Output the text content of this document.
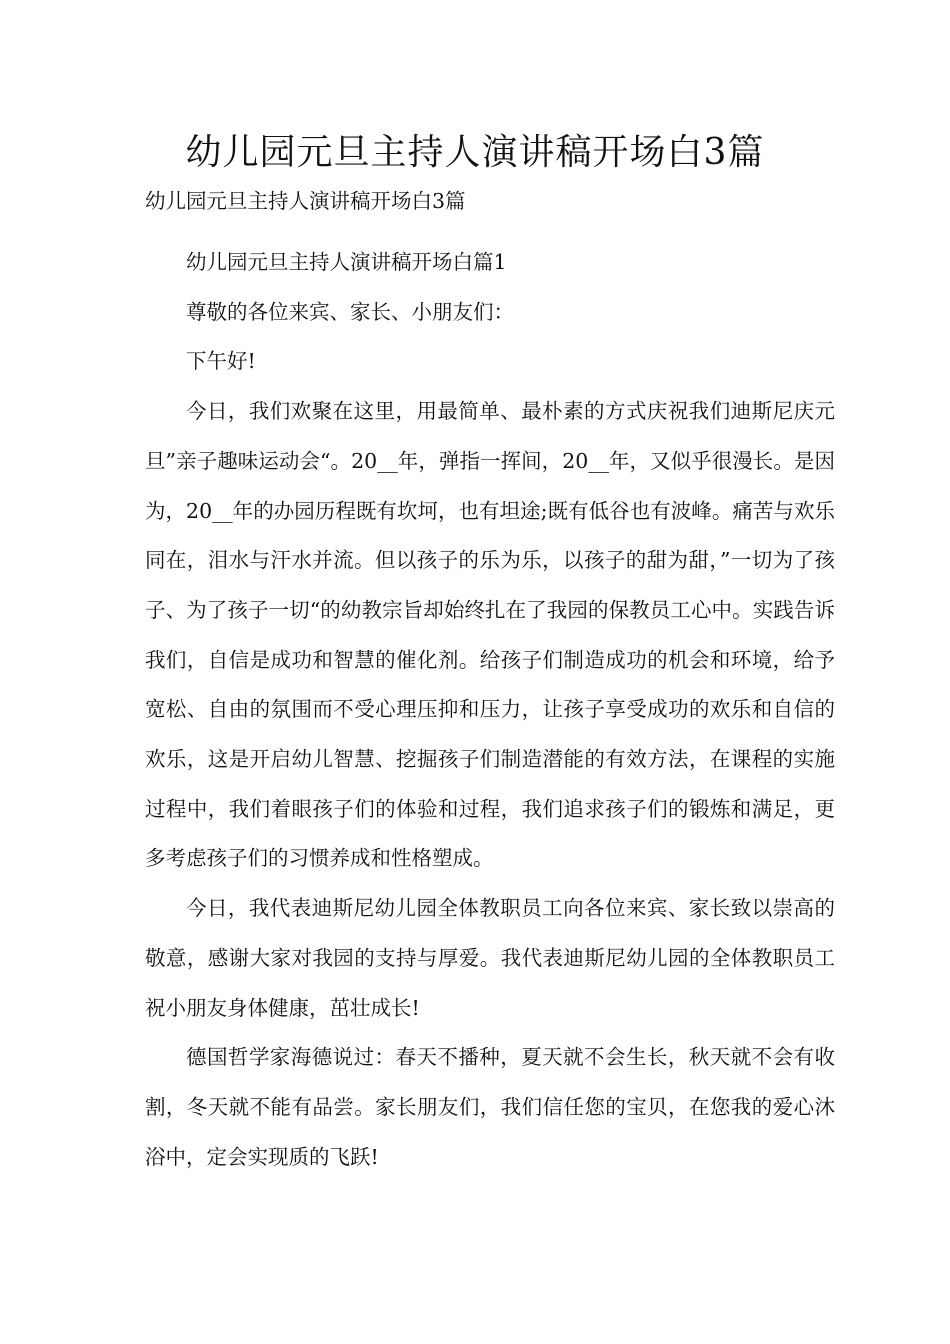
幼儿园元旦主持人演讲稿开场白3篇
幼儿园元旦主持人演讲稿开场白3篇

幼儿园元旦主持人演讲稿开场白篇1

尊敬的各位来宾、家长、小朋友们：

下午好!

今日，我们欢聚在这里，用最简单、最朴素的方式庆祝我们迪斯尼庆元旦”亲子趣味运动会“。20__年，弹指一挥间，20__年，又似乎很漫长。是因为，20__年的办园历程既有坎坷，也有坦途;既有低谷也有波峰。痛苦与欢乐同在，泪水与汗水并流。但以孩子的乐为乐，以孩子的甜为甜，”一切为了孩子、为了孩子一切“的幼教宗旨却始终扎在了我园的保教员工心中。实践告诉我们，自信是成功和智慧的催化剂。给孩子们制造成功的机会和环境，给予宽松、自由的氛围而不受心理压抑和压力，让孩子享受成功的欢乐和自信的欢乐，这是开启幼儿智慧、挖掘孩子们制造潜能的有效方法，在课程的实施过程中，我们着眼孩子们的体验和过程，我们追求孩子们的锻炼和满足，更多考虑孩子们的习惯养成和性格塑成。

今日，我代表迪斯尼幼儿园全体教职员工向各位来宾、家长致以崇高的敬意，感谢大家对我园的支持与厚爱。我代表迪斯尼幼儿园的全体教职员工祝小朋友身体健康，茁壮成长!

德国哲学家海德说过：春天不播种，夏天就不会生长，秋天就不会有收割，冬天就不能有品尝。家长朋友们，我们信任您的宝贝，在您我的爱心沐浴中，定会实现质的飞跃!
